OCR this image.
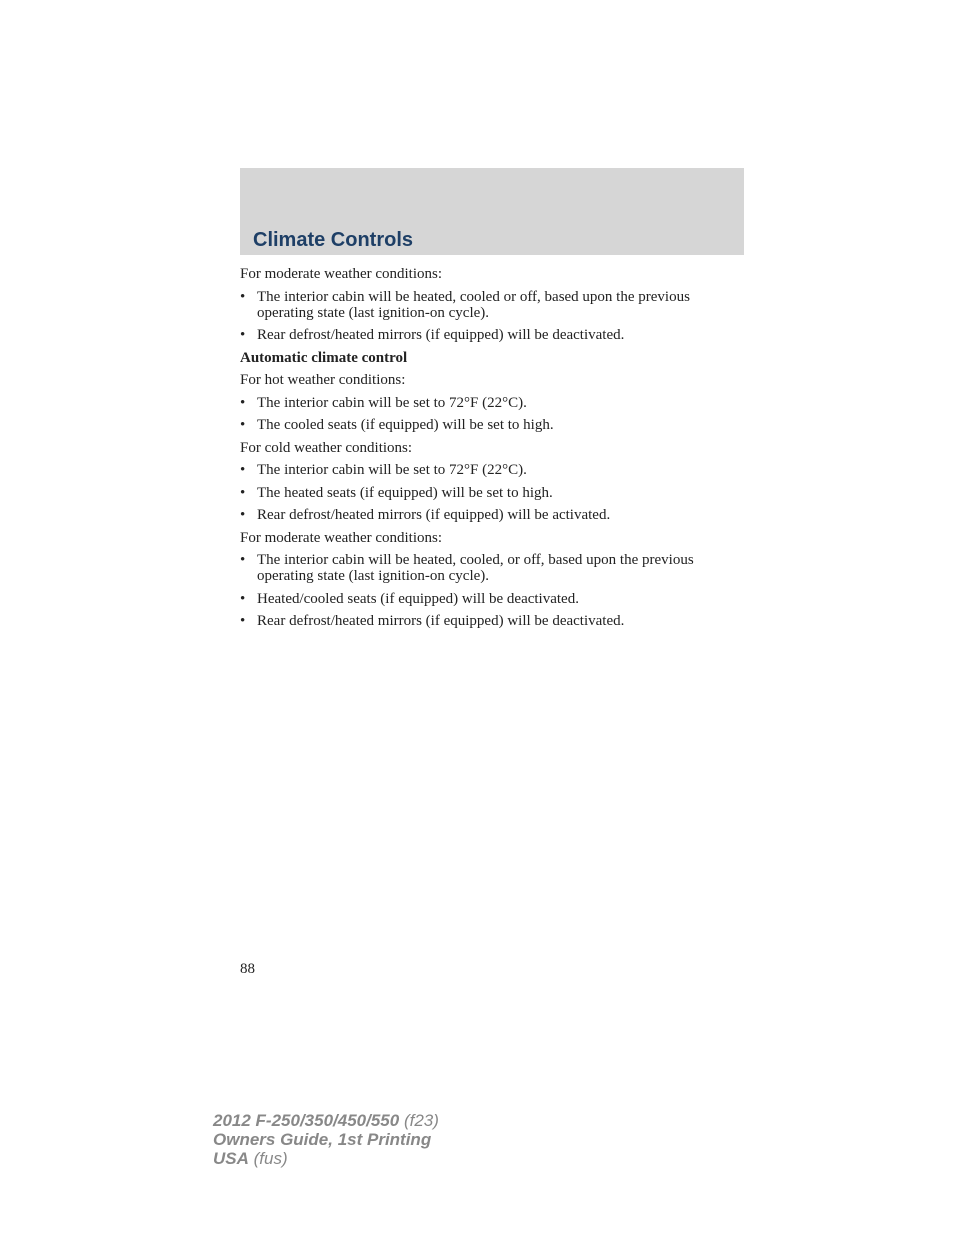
Climate Controls

For moderate weather conditions:

• The interior cabin will be heated, cooled or off, based upon the previous operating state (last ignition-on cycle).
• Rear defrost/heated mirrors (if equipped) will be deactivated.

Automatic climate control

For hot weather conditions:

• The interior cabin will be set to 72°F (22°C).
• The cooled seats (if equipped) will be set to high.

For cold weather conditions:

• The interior cabin will be set to 72°F (22°C).
• The heated seats (if equipped) will be set to high.
• Rear defrost/heated mirrors (if equipped) will be activated.

For moderate weather conditions:

• The interior cabin will be heated, cooled, or off, based upon the previous operating state (last ignition-on cycle).
• Heated/cooled seats (if equipped) will be deactivated.
• Rear defrost/heated mirrors (if equipped) will be deactivated.
88
2012 F-250/350/450/550 (f23)
Owners Guide, 1st Printing
USA (fus)
